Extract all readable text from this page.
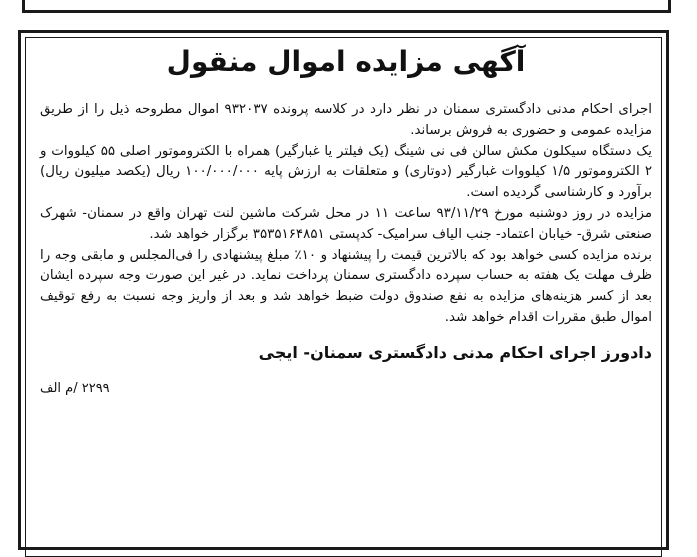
آگهی مزایده اموال منقول

اجرای احکام مدنی دادگستری سمنان در نظر دارد در کلاسه پرونده ۹۳۲۰۳۷ اموال مطروحه ذیل را از طریق مزایده عمومی و حضوری به فروش برساند.

یک دستگاه سیکلون مکش سالن فی نی شینگ (یک فیلتر یا غبارگیر) همراه با الکتروموتور اصلی ۵۵ کیلووات و ۲ الکتروموتور ۱/۵ کیلووات غبارگیر (دوتاری) و متعلقات به ارزش پایه ۱۰۰/۰۰۰/۰۰۰ ریال (یکصد میلیون ریال) برآورد و کارشناسی گردیده است.

مزایده در روز دوشنبه مورخ ۹۳/۱۱/۲۹ ساعت ۱۱ در محل شرکت ماشین لنت تهران واقع در سمنان- شهرک صنعتی شرق- خیابان اعتماد- جنب الیاف سرامیک- کدپستی ۳۵۳۵۱۶۴۸۵۱ برگزار خواهد شد.

برنده مزایده کسی خواهد بود که بالاترین قیمت را پیشنهاد و ۱۰٪ مبلغ پیشنهادی را فی‌المجلس و مابقی وجه را ظرف مهلت یک هفته به حساب سپرده دادگستری سمنان پرداخت نماید. در غیر این صورت وجه سپرده ایشان بعد از کسر هزینه‌های مزایده به نفع صندوق دولت ضبط خواهد شد و بعد از واریز وجه نسبت به رفع توقیف اموال طبق مقررات اقدام خواهد شد.

دادورز اجرای احکام مدنی دادگستری سمنان- ایجی
۲۲۹۹ /م الف
